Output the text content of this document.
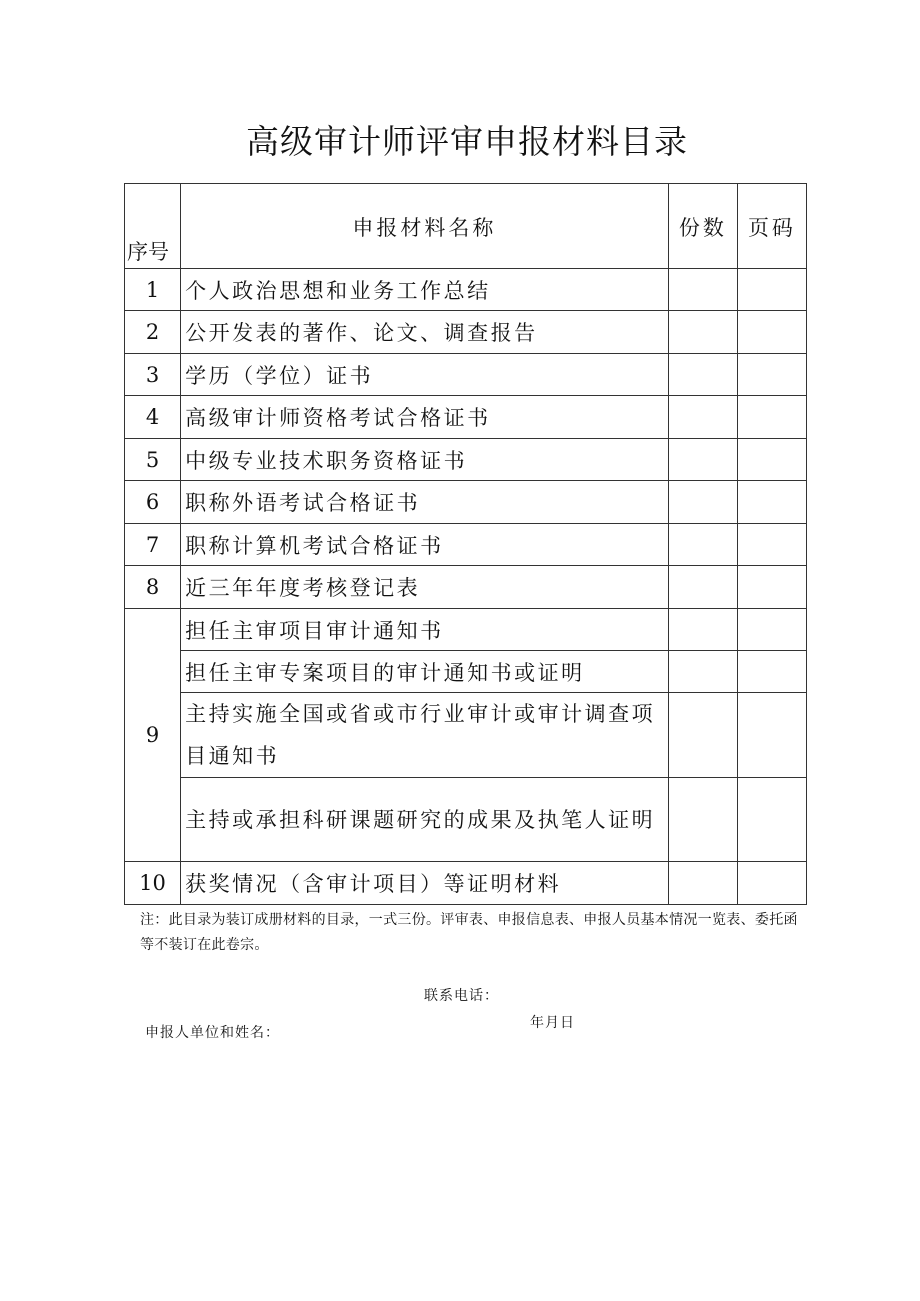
高级审计师评审申报材料目录
序号	申报材料名称	份数	页码
1	个人政治思想和业务工作总结		
2	公开发表的著作、论文、调查报告		
3	学历（学位）证书		
4	高级审计师资格考试合格证书		
5	中级专业技术职务资格证书		
6	职称外语考试合格证书		
7	职称计算机考试合格证书		
8	近三年年度考核登记表		
9	担任主审项目审计通知书		
	担任主审专案项目的审计通知书或证明		

	主持实施全国或省或市行业审计或审计调查项目通知书		

	主持或承担科研课题研究的成果及执笔人证明		

10	获奖情况（含审计项目）等证明材料		
注：此目录为装订成册材料的目录，一式三份。评审表、申报信息表、申报人员基本情况一览表、委托函等不装订在此卷宗。
联系电话：
年月日
申报人单位和姓名：
